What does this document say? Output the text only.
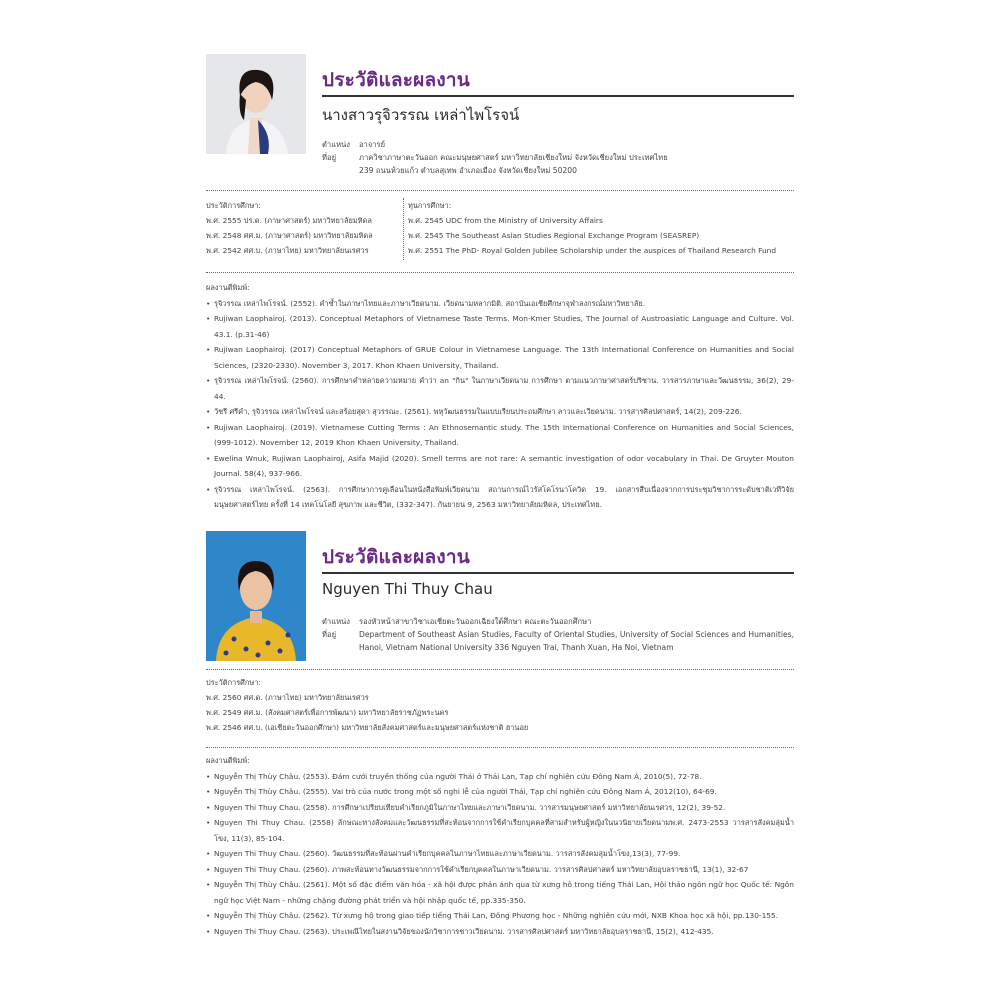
ประวัติและผลงาน
นางสาวรุจิวรรณ เหล่าไพโรจน์
ตำแหน่ง	อาจารย์
ที่อยู่	ภาควิชาภาษาตะวันออก คณะมนุษยศาสตร์ มหาวิทยาลัยเชียงใหม่ จังหวัดเชียงใหม่ ประเทศไทย
239 ถนนห้วยแก้ว ตำบลสุเทพ อำเภอเมือง จังหวัดเชียงใหม่ 50200
ประวัติการศึกษา:
พ.ศ. 2555 ปร.ด. (ภาษาศาสตร์) มหาวิทยาลัยมหิดล
พ.ศ. 2548 ศศ.ม. (ภาษาศาสตร์) มหาวิทยาลัยมหิดล
พ.ศ. 2542 ศศ.บ. (ภาษาไทย) มหาวิทยาลัยนเรศวร
ทุนการศึกษา:
พ.ศ. 2545 UDC from the Ministry of University Affairs
พ.ศ. 2545 The Southeast Asian Studies Regional Exchange Program (SEASREP)
พ.ศ. 2551 The PhD- Royal Golden Jubilee Scholarship under the auspices of Thailand Research Fund
ผลงานตีพิมพ์:
• รุจิวรรณ เหล่าไพโรจน์. (2552). คำซ้ำในภาษาไทยและภาษาเวียดนาม. เวียดนามหลากมิติ. สถาบันเอเชียศึกษาจุฬาลงกรณ์มหาวิทยาลัย.
• Rujiwan Laophairoj. (2013). Conceptual Metaphors of Vietnamese Taste Terms. Mon-Kmer Studies, The Journal of Austroasiatic Language and Culture. Vol. 43.1. (p.31-46)
• Rujiwan Laophairoj. (2017) Conceptual Metaphors of GRUE Colour in Vietnamese Language. The 13th International Conference on Humanities and Social Sciences, (2320-2330). November 3, 2017. Khon Khaen University, Thailand.
• รุจิวรรณ เหล่าไพโรจน์. (2560). การศึกษาคำหลายความหมาย คำว่า an "กิน" ในภาษาเวียดนาม การศึกษา ตามแนวภาษาศาสตร์ปริชาน. วารสารภาษาและวัฒนธรรม, 36(2), 29-44.
• วัชรี ศรีคำ, รุจิวรรณ เหล่าไพโรจน์ และสร้อยสุดา สุวรรณะ. (2561). พหุวัฒนธรรมในแบบเรียนประถมศึกษา ลาวและเวียดนาม. วารสารศิลปศาสตร์, 14(2), 209-226.
• Rujiwan Laophairoj. (2019). Vietnamese Cutting Terms : An Ethnosemantic study. The 15th International Conference on Humanities and Social Sciences, (999-1012). November 12, 2019 Khon Khaen University, Thailand.
• Ewelina Wnuk, Rujiwan Laophairoj, Asifa Majid (2020). Smell terms are not rare: A semantic investigation of odor vocabulary in Thai. De Gruyter Mouton Journal. 58(4), 937-966.
• รุจิวรรณ เหล่าไพโรจน์. (2563). การศึกษาการคู่เลือนในหนังสือพิมพ์เวียดนาม สถานการณ์ไวรัสโคโรนาโควิด 19. เอกสารสืบเนื่องจากการประชุมวิชาการระดับชาติเวทีวิจัยมนุษยศาสตร์ไทย ครั้งที่ 14 เทคโนโลยี สุขภาพ และชีวิต, (332-347). กันยายน 9, 2563 มหาวิทยาลัยมหิดล, ประเทศไทย.
ประวัติและผลงาน
Nguyen Thi Thuy Chau
ตำแหน่ง	รองหัวหน้าสาขาวิชาเอเชียตะวันออกเฉียงใต้ศึกษา คณะตะวันออกศึกษา
ที่อยู่	Department of Southeast Asian Studies, Faculty of Oriental Studies, University of Social Sciences and Humanities, Hanoi, Vietnam National University 336 Nguyen Trai, Thanh Xuan, Ha Noi, Vietnam
ประวัติการศึกษา:
พ.ศ. 2560 ศศ.ด. (ภาษาไทย) มหาวิทยาลัยนเรศวร
พ.ศ. 2549 ศศ.ม. (สังคมศาสตร์เพื่อการพัฒนา) มหาวิทยาลัยราชภัฏพระนคร
พ.ศ. 2546 ศศ.บ. (เอเชียตะวันออกศึกษา) มหาวิทยาลัยสังคมศาสตร์และมนุษยศาสตร์แห่งชาติ ฮานอย
ผลงานตีพิมพ์:
• Nguyễn Thị Thùy Châu. (2553). Đám cưới truyền thống của người Thái ở Thái Lan, Tạp chí nghiên cứu Đông Nam Á, 2010(5), 72-78.
• Nguyễn Thị Thùy Châu. (2555). Vai trò của nước trong một số nghi lễ của người Thái, Tạp chí nghiên cứu Đông Nam Á, 2012(10), 64-69.
• Nguyen Thi Thuy Chau. (2558). การศึกษาเปรียบเทียบคำเรียกภูมิในภาษาไทยและภาษาเวียดนาม. วารสารมนุษยศาสตร์ มหาวิทยาลัยนเรศวร, 12(2), 39-52.
• Nguyen Thi Thuy Chau. (2558) ลักษณะทางสังคมและวัฒนธรรมที่สะท้อนจากการใช้คำเรียกบุคคลที่สามสำหรับผู้หญิงในนวนิยายเวียดนามพ.ศ. 2473-2553 วารสารสังคมลุ่มน้ำโขง, 11(3), 85-104.
• Nguyen Thi Thuy Chau. (2560). วัฒนธรรมที่สะท้อนผ่านคำเรียกบุคคลในภาษาไทยและภาษาเวียดนาม. วารสารสังคมลุ่มน้ำโขง,13(3), 77-99.
• Nguyen Thi Thuy Chau. (2560). ภาพสะท้อนทางวัฒนธรรมจากการใช้คำเรียกบุคคลในภาษาเวียดนาม. วารสารศิลปศาสตร์ มหาวิทยาลัยอุบลราชธานี, 13(1), 32-67
• Nguyễn Thị Thùy Châu. (2561). Một số đặc điểm văn hóa - xã hội được phản ánh qua từ xưng hô trong tiếng Thái Lan, Hội thảo ngôn ngữ học Quốc tế: Ngôn ngữ học Việt Nam - những chặng đường phát triển và hội nhập quốc tế, pp.335-350.
• Nguyễn Thị Thùy Châu. (2562). Từ xưng hô trong giao tiếp tiếng Thái Lan, Đông Phương học - Những nghiên cứu mới, NXB Khoa học xã hội, pp.130-155.
• Nguyen Thi Thuy Chau. (2563). ประเพณีไทยในสงานวิจัยของนักวิชาการชาวเวียดนาม. วารสารศิลปศาสตร์ มหาวิทยาลัยอุบลราชธานี, 15(2), 412-435.
